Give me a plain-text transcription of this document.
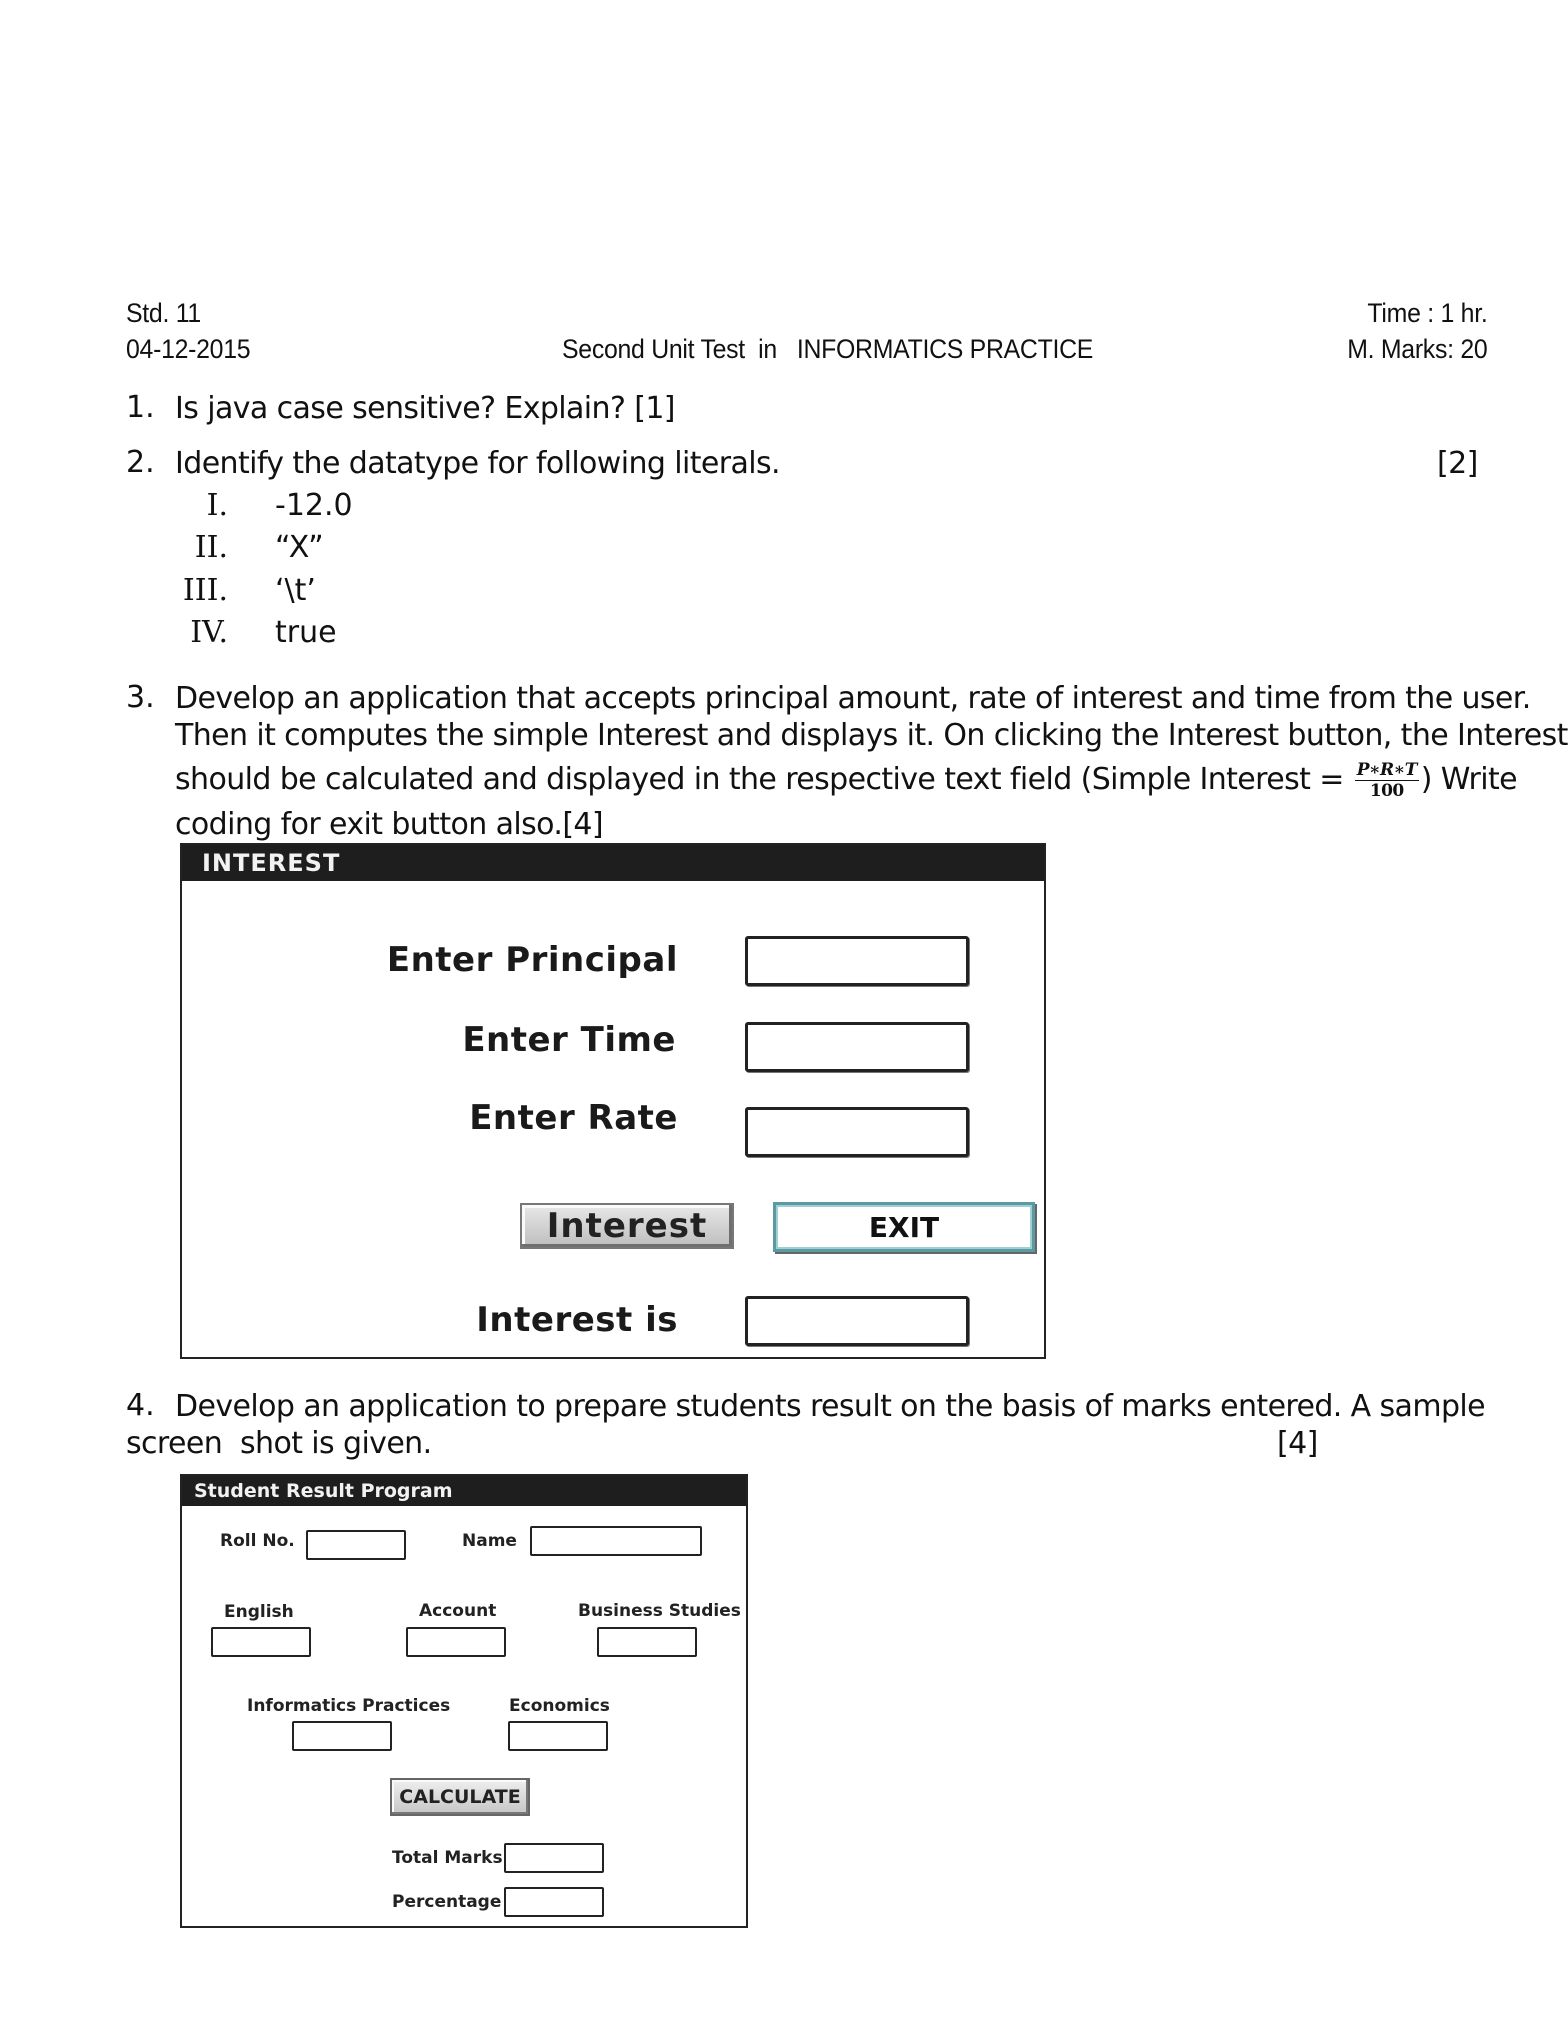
Std. 11
04-12-2015	Second Unit Test  in   INFORMATICS PRACTICE
Time : 1 hr.
M. Marks: 20
1. Is java case sensitive? Explain? [1]
2. Identify the datatype for following literals.	[2]
I. -12.0
II. “X”
III. ‘\t’
IV. true
3. Develop an application that accepts principal amount, rate of interest and time from the user.
Then it computes the simple Interest and displays it. On clicking the Interest button, the Interest
should be calculated and displayed in the respective text field (Simple Interest = $\frac{P∗R∗T}{100}$ ) Write
coding for exit button also.[4]
INTEREST
Enter Principal
Enter Time
Enter Rate
Interest	EXIT
Interest is
4. Develop an application to prepare students result on the basis of marks entered. A sample
screen  shot is given.	[4]
Student Result Program
Roll No.	Name
English	Account	Business Studies
Informatics Practices	Economics
CALCULATE
Total Marks
Percentage
